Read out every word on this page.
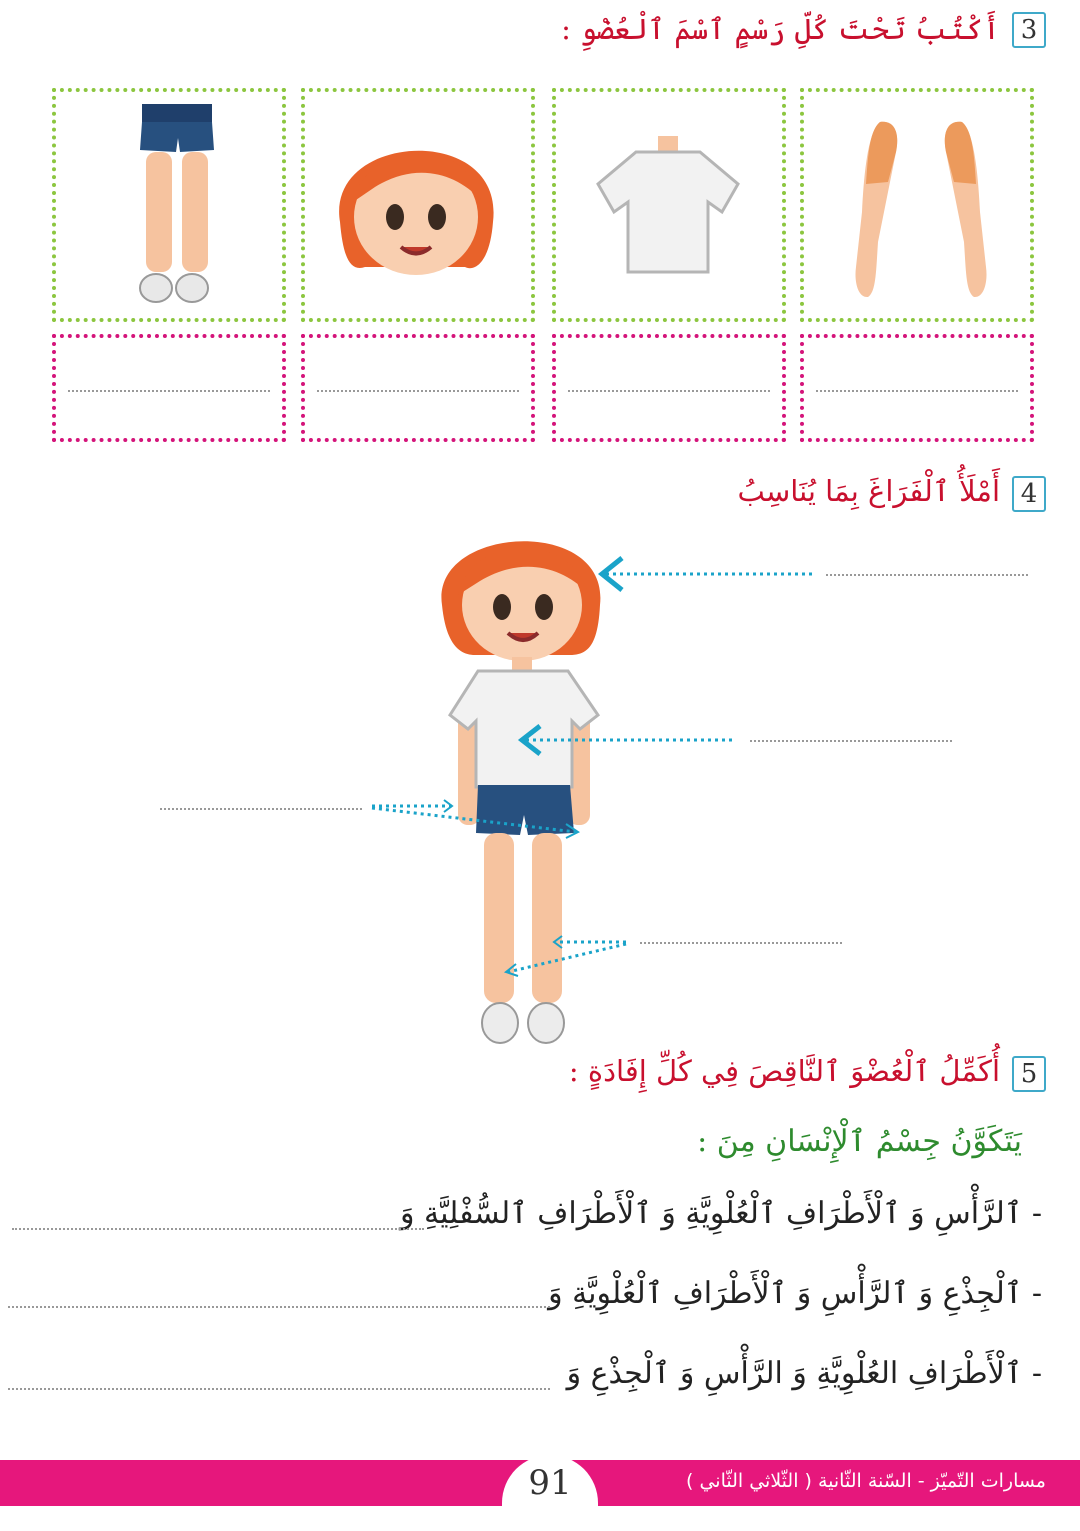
3
أَكْتُبُ تَحْتَ كُلِّ رَسْمٍ ٱسْمَ ٱلْعُضْوِ :
4
أَمْلَأُ ٱلْفَرَاغَ بِمَا يُنَاسِبُ
5
أُكَمِّلُ ٱلْعُضْوَ ٱلنَّاقِصَ فِي كُلِّ إِفَادَةٍ :
يَتَكَوَّنُ جِسْمُ ٱلْإِنْسَانِ مِنَ :
- ٱلرَّأْسِ وَ ٱلْأَطْرَافِ ٱلْعُلْوِيَّةِ وَ ٱلْأَطْرَافِ ٱلسُّفْلِيَّةِ وَ
- ٱلْجِذْعِ وَ ٱلرَّأْسِ وَ ٱلْأَطْرَافِ ٱلْعُلْوِيَّةِ وَ
- ٱلْأَطْرَافِ العُلْوِيَّةِ وَ الرَّأْسِ وَ ٱلْجِذْعِ وَ
مسارات التّميّز - السّنة الثّانية ( الثّلاثي الثّاني )
91
